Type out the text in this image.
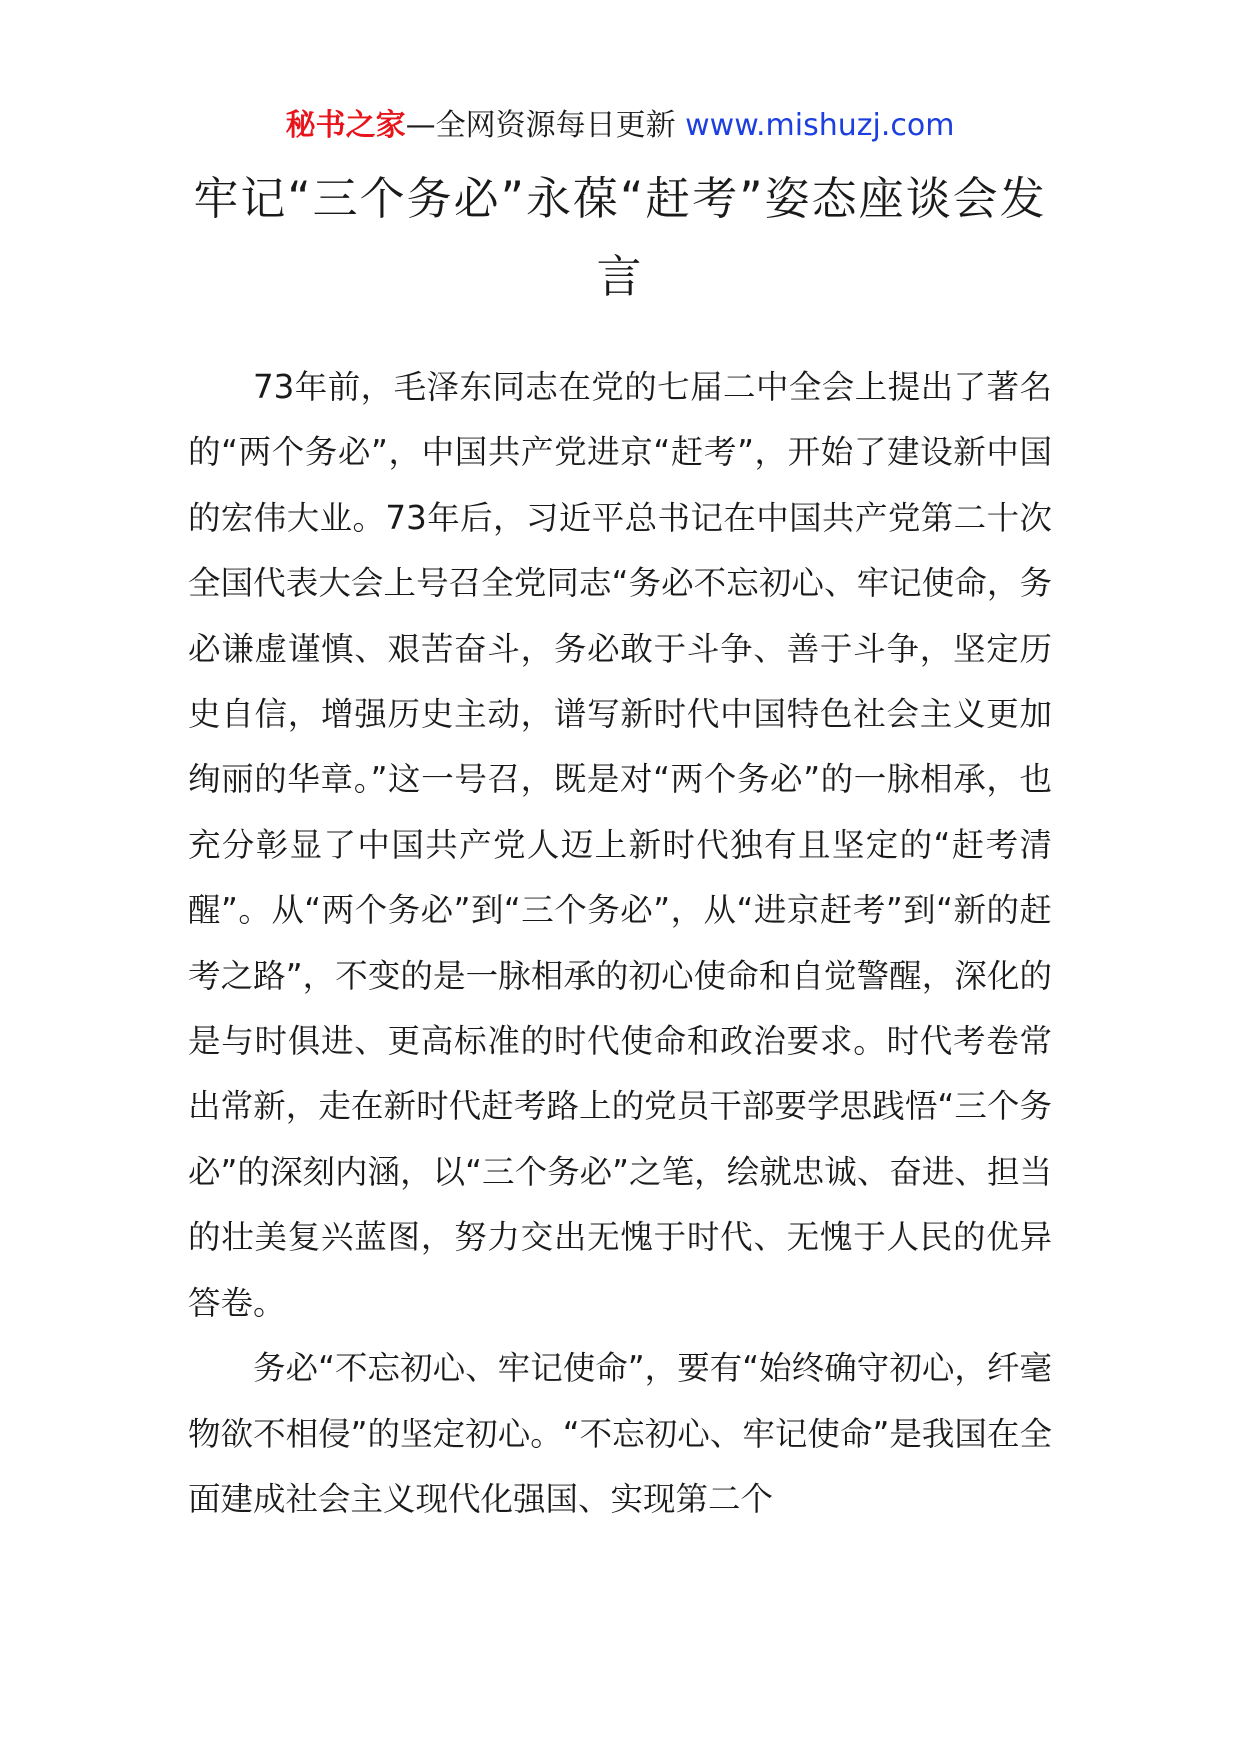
秘书之家—全网资源每日更新 www.mishuzj.com
牢记“三个务必”永葆“赶考”姿态座谈会发言

73年前，毛泽东同志在党的七届二中全会上提出了著名的“两个务必”，中国共产党进京“赶考”，开始了建设新中国的宏伟大业。73年后，习近平总书记在中国共产党第二十次全国代表大会上号召全党同志“务必不忘初心、牢记使命，务必谦虚谨慎、艰苦奋斗，务必敢于斗争、善于斗争，坚定历史自信，增强历史主动，谱写新时代中国特色社会主义更加绚丽的华章。”这一号召，既是对“两个务必”的一脉相承，也充分彰显了中国共产党人迈上新时代独有且坚定的“赶考清醒”。从“两个务必”到“三个务必”，从“进京赶考”到“新的赶考之路”，不变的是一脉相承的初心使命和自觉警醒，深化的是与时俱进、更高标准的时代使命和政治要求。时代考卷常出常新，走在新时代赶考路上的党员干部要学思践悟“三个务必”的深刻内涵，以“三个务必”之笔，绘就忠诚、奋进、担当的壮美复兴蓝图，努力交出无愧于时代、无愧于人民的优异答卷。

务必“不忘初心、牢记使命”，要有“始终确守初心，纤毫物欲不相侵”的坚定初心。“不忘初心、牢记使命”是我国在全面建成社会主义现代化强国、实现第二个
